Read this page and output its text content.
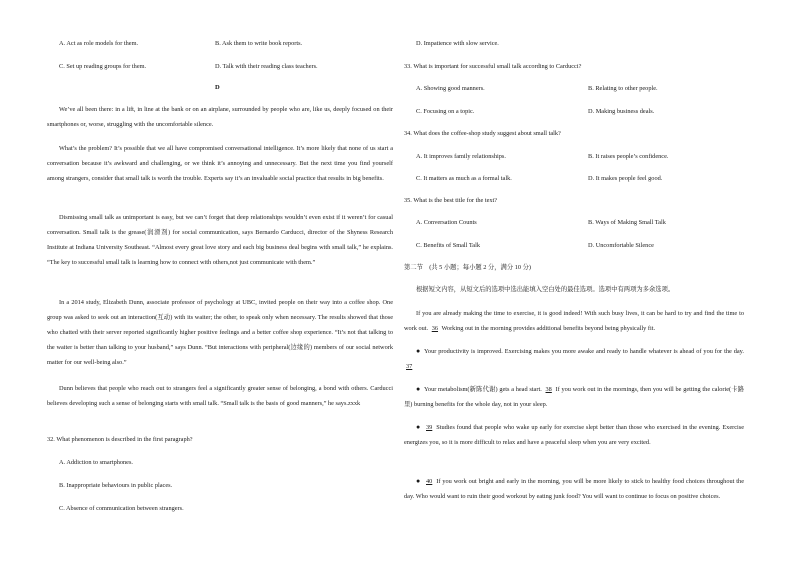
A. Act as role models for them.	B. Ask them to write book reports.
C. Set up reading groups for them.	D. Talk with their reading class teachers.
D

We’ve all been there: in a lift, in line at the bank or on an airplane, surrounded by people who are, like us, deeply focused on their smartphones or, worse, struggling with the uncomfortable silence.

What’s the problem? It’s possible that we all have compromised conversational intelligence. It’s more likely that none of us start a conversation because it’s awkward and challenging, or we think it’s annoying and unnecessary. But the next time you find yourself among strangers, consider that small talk is worth the trouble. Experts say it’s an invaluable social practice that results in big benefits.

Dismissing small talk as unimportant is easy, but we can’t forget that deep relationships wouldn’t even exist if it weren’t for casual conversation. Small talk is the grease(润滑剂) for social communication, says Bernardo Carducci, director of the Shyness Research Institute at Indiana University Southeast. “Almost every great love story and each big business deal begins with small talk,” he explains. “The key to successful small talk is learning how to connect with others,not just communicate with them.”

In a 2014 study, Elizabeth Dunn, associate professor of psychology at UBC, invited people on their way into a coffee shop. One group was asked to seek out an interaction(互动) with its waiter; the other, to speak only when necessary. The results showed that those who chatted with their server reported significantly higher positive feelings and a better coffee shop experience. “It’s not that talking to the waiter is better than talking to your husband,” says Dunn. “But interactions with peripheral(边缘的) members of our social network matter for our well-being also.”

Dunn believes that people who reach out to strangers feel a significantly greater sense of belonging, a bond with others. Carducci believes developing such a sense of belonging starts with small talk. “Small talk is the basis of good manners,” he says.zxxk

32. What phenomenon is described in the first paragraph?
A. Addiction to smartphones.
B. Inappropriate behaviours in public places.
C. Absence of communication between strangers.
D. Impatience with slow service.
33. What is important for successful small talk according to Carducci?
A. Showing good manners.	B. Relating to other people.
C. Focusing on a topic.	D. Making business deals.
34. What does the coffee-shop study suggest about small talk?
A. It improves family relationships.	B. It raises people’s confidence.
C. It matters as much as a formal talk.	D. It makes people feel good.
35. What is the best title for the text?
A. Conversation Counts	B. Ways of Making Small Talk
C. Benefits of Small Talk	D. Uncomfortable Silence
第二节　(共 5 小题；每小题 2 分，满分 10 分)
根据短文内容，从短文后的选项中选出能填入空白处的最佳选项。选项中有两项为多余选项。

If you are already making the time to exercise, it is good indeed! With such busy lives, it can be hard to try and find the time to work out. 36 Working out in the morning provides additional benefits beyond being physically fit.

● Your productivity is improved. Exercising makes you more awake and ready to handle whatever is ahead of you for the day. 37

● Your metabolism(新陈代谢) gets a head start. 38 If you work out in the mornings, then you will be getting the calorie(卡路里) burning benefits for the whole day, not in your sleep.

● 39 Studies found that people who wake up early for exercise slept better than those who exercised in the evening. Exercise energizes you, so it is more difficult to relax and have a peaceful sleep when you are very excited.

● 40 If you work out bright and early in the morning, you will be more likely to stick to healthy food choices throughout the day. Who would want to ruin their good workout by eating junk food? You will want to continue to focus on positive choices.
